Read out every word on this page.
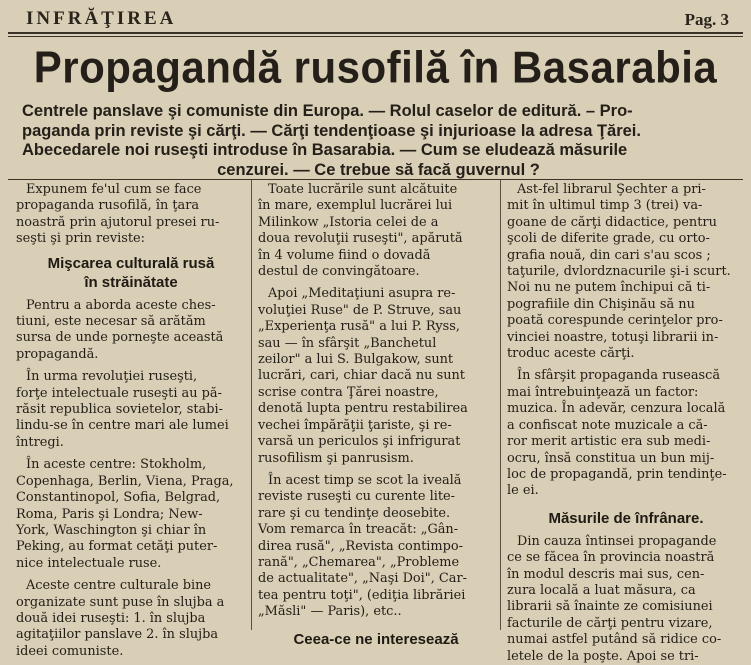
INFRĂŢIREA	Pag. 3
Propagandă rusofilă în Basarabia
Centrele panslave şi comuniste din Europa. — Rolul caselor de editură. – Pro-
paganda prin reviste şi cărţi. — Cărţi tendenţioase şi injurioase la adresa Ţărei.
Abecedarele noi ruseşti introduse în Basarabia. — Cum se eludează măsurile
cenzurei. — Ce trebue să facă guvernul ?
Expunem fe'ul cum se face
propaganda rusofilă, în ţara
noastră prin ajutorul presei ru-
seşti şi prin reviste:
Mişcarea culturală rusă
în străinătate
Pentru a aborda aceste ches-
tiuni, este necesar să arătăm
sursa de unde porneşte această
propagandă.
În urma revoluţiei ruseşti,
forţe intelectuale ruseşti au pă-
răsit republica sovietelor, stabi-
lindu-se în centre mari ale lumei
întregi.
În aceste centre: Stokholm,
Copenhaga, Berlin, Viena, Praga,
Constantinopol, Sofia, Belgrad,
Roma, Paris şi Londra; New-
York, Waschington şi chiar în
Peking, au format cetăţi puter-
nice intelectuale ruse.
Aceste centre culturale bine
organizate sunt puse în slujba a
două idei ruseşti: 1. în slujba
agitaţiilor panslave 2. în slujba
ideei comuniste.
Toate lucrările sunt alcătuite
în mare, exemplul lucrărei lui
Milinkow „Istoria celei de a
doua revoluţii ruseşti", apărută
în 4 volume fiind o dovadă
destul de convingătoare.
Apoi „Meditaţiuni asupra re-
voluţiei Ruse" de P. Struve, sau
„Experienţa rusă" a lui P. Ryss,
sau — în sfârşit „Banchetul
zeilor" a lui S. Bulgakow, sunt
lucrări, cari, chiar dacă nu sunt
scrise contra Ţărei noastre,
denotă lupta pentru restabilirea
vechei împărăţii ţariste, şi re-
varsă un periculos şi infrigurat
rusofilism şi panrusism.
În acest timp se scot la iveală
reviste ruseşti cu curente lite-
rare şi cu tendinţe deosebite.
Vom remarca în treacăt: „Gân-
direa rusă", „Revista contimpo-
rană", „Chemarea", „Probleme
de actualitate", „Naşi Doi", Car-
tea pentru toţi", (ediţia librăriei
„Măsli" — Paris), etc..
Ceea-ce ne interesează
Ast-fel librarul Şechter a pri-
mit în ultimul timp 3 (trei) va-
goane de cărţi didactice, pentru
şcoli de diferite grade, cu orto-
grafia nouă, din cari s'au scos ;
taţurile, dvlordznacurile şi-i scurt.
Noi nu ne putem închipui că ti-
pografiile din Chişinău să nu
poată corespunde cerinţelor pro-
vinciei noastre, totuşi librarii in-
troduc aceste cărţi.
În sfârşit propaganda rusească
mai întrebuinţează un factor:
muzica. În adevăr, cenzura locală
a confiscat note muzicale a că-
ror merit artistic era sub medi-
ocru, însă constitua un bun mij-
loc de propagandă, prin tendinţe-
le ei.
Măsurile de înfrânare.
Din cauza întinsei propagande
ce se făcea în provincia noastră
în modul descris mai sus, cen-
zura locală a luat măsura, ca
librarii să înainte ze comisiunei
facturile de cărţi pentru vizare,
numai astfel putând să ridice co-
letele de la poşte. Apoi se tri-
